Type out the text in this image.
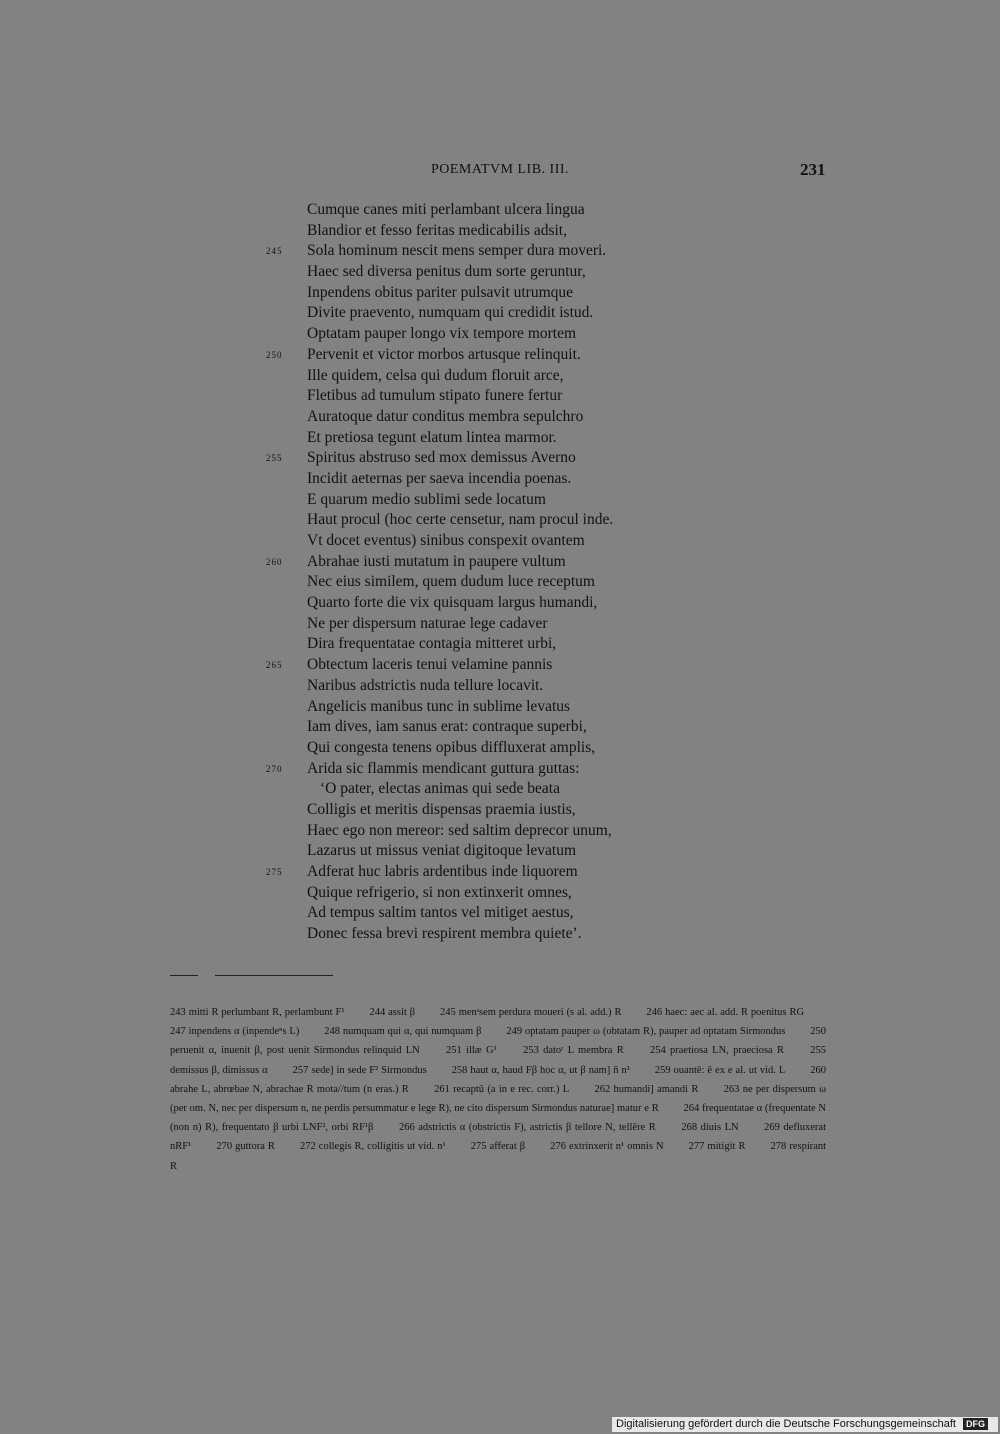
POEMATVM LIB. III.	231
Cumque canes miti perlambant ulcera lingua
Blandior et fesso feritas medicabilis adsit,
245	Sola hominum nescit mens semper dura moveri.
Haec sed diversa penitus dum sorte geruntur,
Inpendens obitus pariter pulsavit utrumque
Divite praevento, numquam qui credidit istud.
Optatam pauper longo vix tempore mortem
250	Pervenit et victor morbos artusque relinquit.
Ille quidem, celsa qui dudum floruit arce,
Fletibus ad tumulum stipato funere fertur
Auratoque datur conditus membra sepulchro
Et pretiosa tegunt elatum lintea marmor.
255	Spiritus abstruso sed mox demissus Averno
Incidit aeternas per saeva incendia poenas.
E quarum medio sublimi sede locatum
Haut procul (hoc certe censetur, nam procul inde.
Vt docet eventus) sinibus conspexit ovantem
260	Abrahae iusti mutatum in paupere vultum
Nec eius similem, quem dudum luce receptum
Quarto forte die vix quisquam largus humandi,
Ne per dispersum naturae lege cadaver
Dira frequentatae contagia mitteret urbi,
265	Obtectum laceris tenui velamine pannis
Naribus adstrictis nuda tellure locavit.
Angelicis manibus tunc in sublime levatus
Iam dives, iam sanus erat: contraque superbi,
Qui congesta tenens opibus diffluxerat amplis,
270	Arida sic flammis mendicant guttura guttas:
‘O pater, electas animas qui sede beata
Colligis et meritis dispensas praemia iustis,
Haec ego non mereor: sed saltim deprecor unum,
Lazarus ut missus veniat digitoque levatum
275	Adferat huc labris ardentibus inde liquorem
Quique refrigerio, si non extinxerit omnes,
Ad tempus saltim tantos vel mitiget aestus,
Donec fessa brevi respirent membra quiete’.
243 mitti R perlumbant R, perlambunt F¹ 244 assit β 245 menˢsem perdura moueri (s al. add.) R 246 haec: aec al. add. R poenitus RG 247 inpendens α (inpendeⁿs L) 248 numquam qui α, qui numquam β 249 optatam pauper ω (obtatam R), pauper ad optatam Sirmondus 250 peruenit α, inuenit β, post uenit Sirmondus relinquid LN	251 illæ G¹	253 datoʳ L membra R	254 praetiosa LN, praeciosa R	255 demissus β, dimissus α 257 sede] in sede F² Sirmondus 258 haut α, haud Fβ hoc α, ut β nam] ñ n¹ 259 ouantē: ē ex e al. ut vid. L 260 abrahe L, abrœbae N, abrachae R mota//tum (n eras.) R 261 recaptū (a in e rec. corr.) L 262 humandi] amandi R 263 ne per dispersum ω (per om. N, nec per dispersum n, ne perdis persummatur e lege R), ne cito dispersum Sirmondus naturae] matur e R 264 frequentatae α (frequentate N (non n) R), frequentato β urbi LNF², orbi RF¹β 266 adstrictis α (obstrictis F), astrictis β tellore N, tellēre R 268 diuis LN 269 defluxerat nRF¹ 270 guttora R 272 collegis R, colligitis ut vid. n¹ 275 afferat β 276 extrinxerit n¹ omnis N 277 mitigit R 278 respirant R
Digitalisierung gefördert durch die Deutsche Forschungsgemeinschaft DFG
